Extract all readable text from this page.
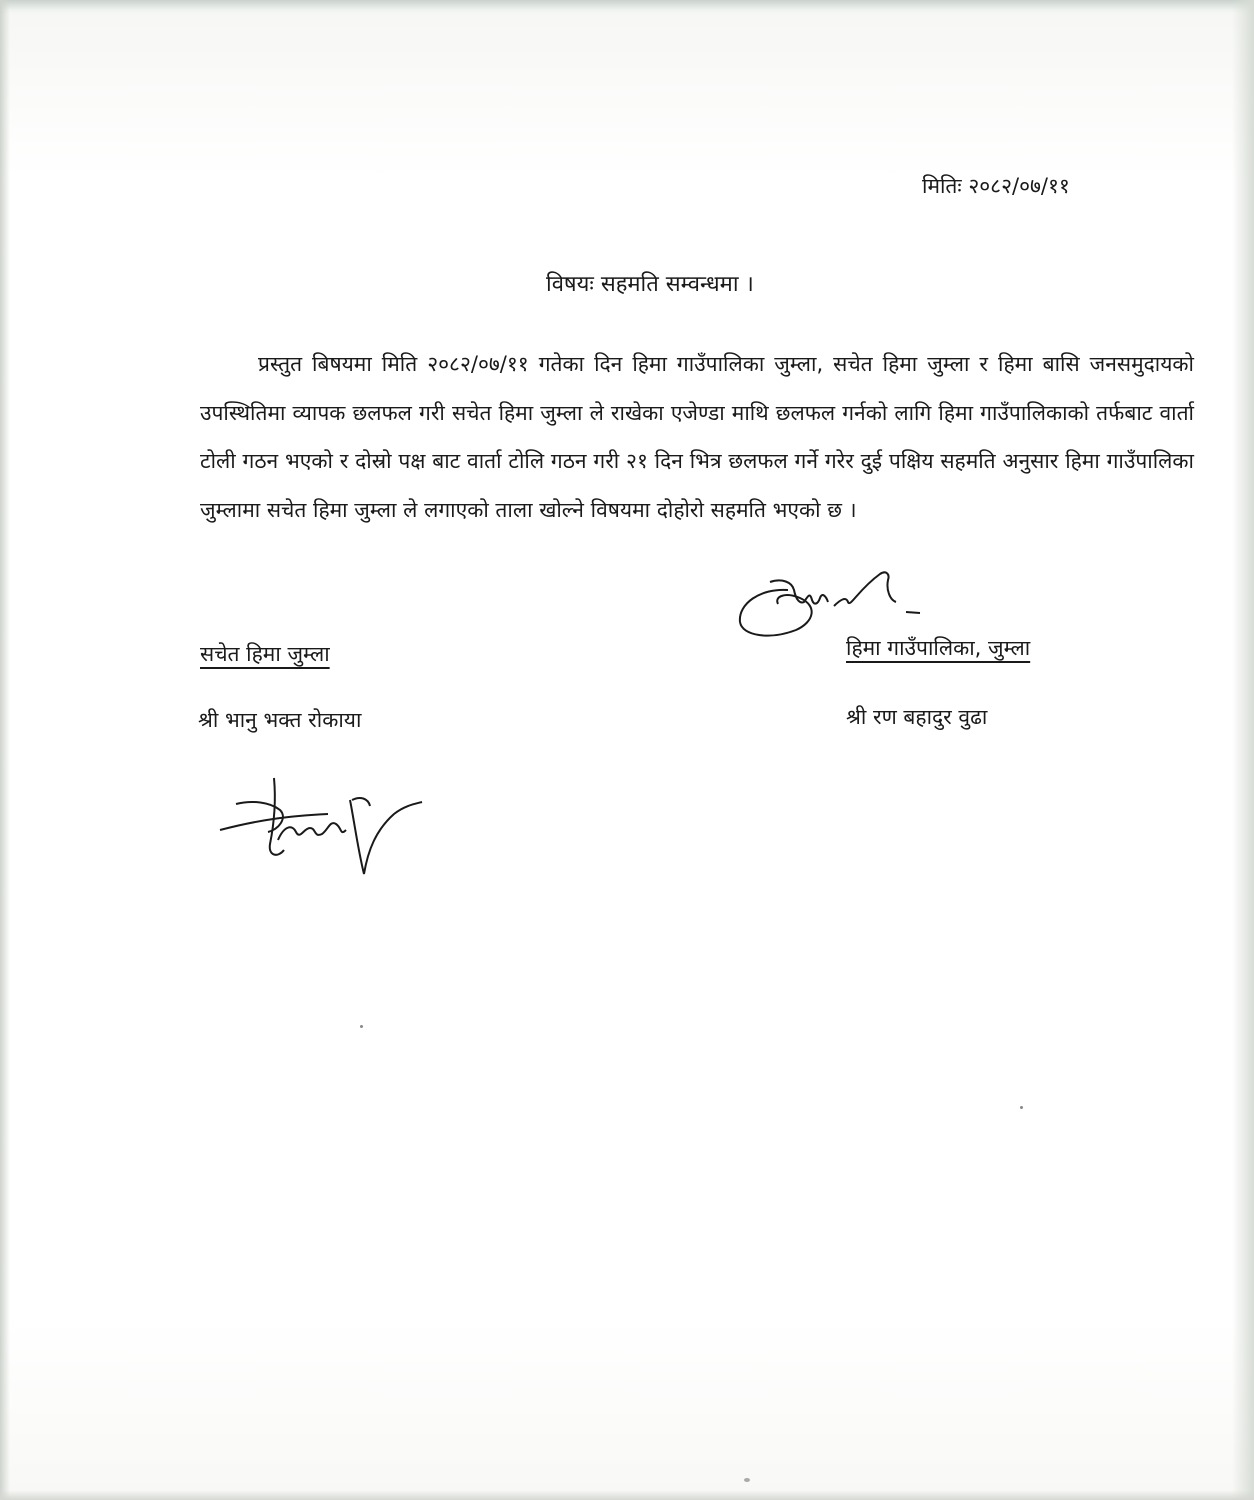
मितिः २०८२/०७/११
विषयः सहमति सम्वन्धमा ।

प्रस्तुत बिषयमा मिति २०८२/०७/११ गतेका दिन हिमा गाउँपालिका जुम्ला, सचेत हिमा जुम्ला र हिमा बासि जनसमुदायको उपस्थितिमा व्यापक छलफल गरी सचेत हिमा जुम्ला ले राखेका एजेण्डा माथि छलफल गर्नको लागि हिमा गाउँपालिकाको तर्फबाट वार्ता टोली गठन भएको र दोस्रो पक्ष बाट वार्ता टोलि गठन गरी २१ दिन भित्र छलफल गर्ने गरेर दुई पक्षिय सहमति अनुसार हिमा गाउँपालिका जुम्लामा सचेत हिमा जुम्ला ले लगाएको ताला खोल्ने विषयमा दोहोरो सहमति भएको छ ।

सचेत हिमा जुम्ला
श्री भानु भक्त रोकाया
हिमा गाउँपालिका, जुम्ला
श्री रण बहादुर वुढा
